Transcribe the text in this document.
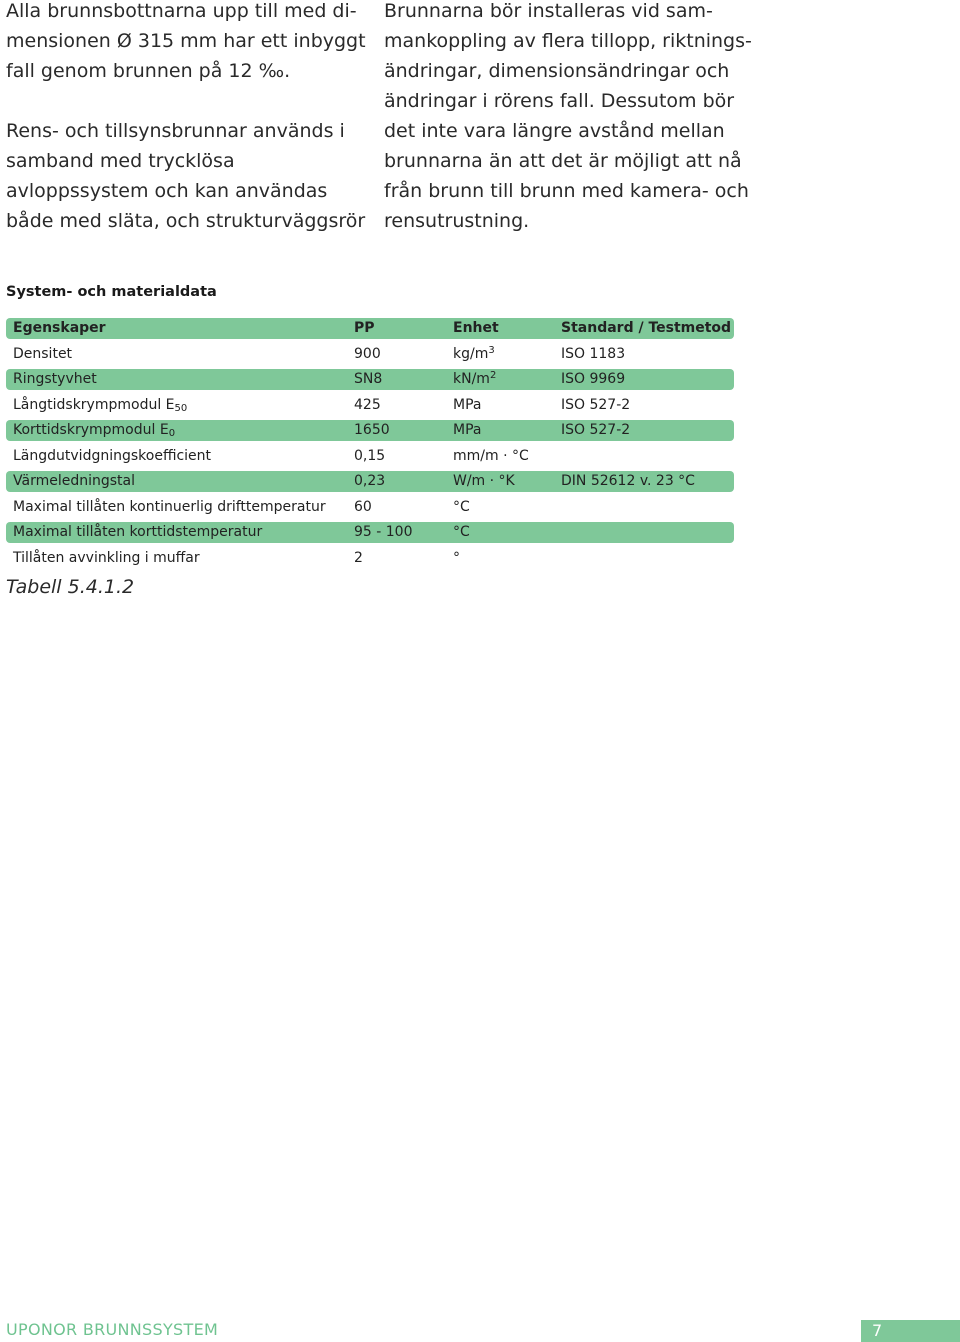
Alla brunnsbottnarna upp till med di-mensionen Ø 315 mm har ett inbyggt fall genom brunnen på 12 ‰.

Rens- och tillsynsbrunnar används i samband med trycklösa avloppssystem och kan användas både med släta, och strukturväggsrör

Brunnarna bör installeras vid sam-mankoppling av flera tillopp, riktnings-ändringar, dimensionsändringar och ändringar i rörens fall. Dessutom bör det inte vara längre avstånd mellan brunnarna än att det är möjligt att nå från brunn till brunn med kamera- och rensutrustning.

System- och materialdata
Egenskaper	PP	Enhet	Standard / Testmetod
Densitet	900	$kg/m^3$	ISO 1183
Ringstyvhet	SN8	$kN/m^2$	ISO 9969
Långtidskrympmodul $E_{50}$	425	MPa	ISO 527-2
Korttidskrympmodul $E_0$	1650	MPa	ISO 527-2
Längdutvidgningskoefficient	0,15	mm/m · °C
Värmeledningstal	0,23	W/m · °K	DIN 52612 v. 23 °C
Maximal tillåten kontinuerlig drifttemperatur	60	°C
Maximal tillåten korttidstemperatur	95 - 100	°C
Tillåten avvinkling i muffar	2	°
Tabell 5.4.1.2
UPONOR BRUNNSSYSTEM	7
